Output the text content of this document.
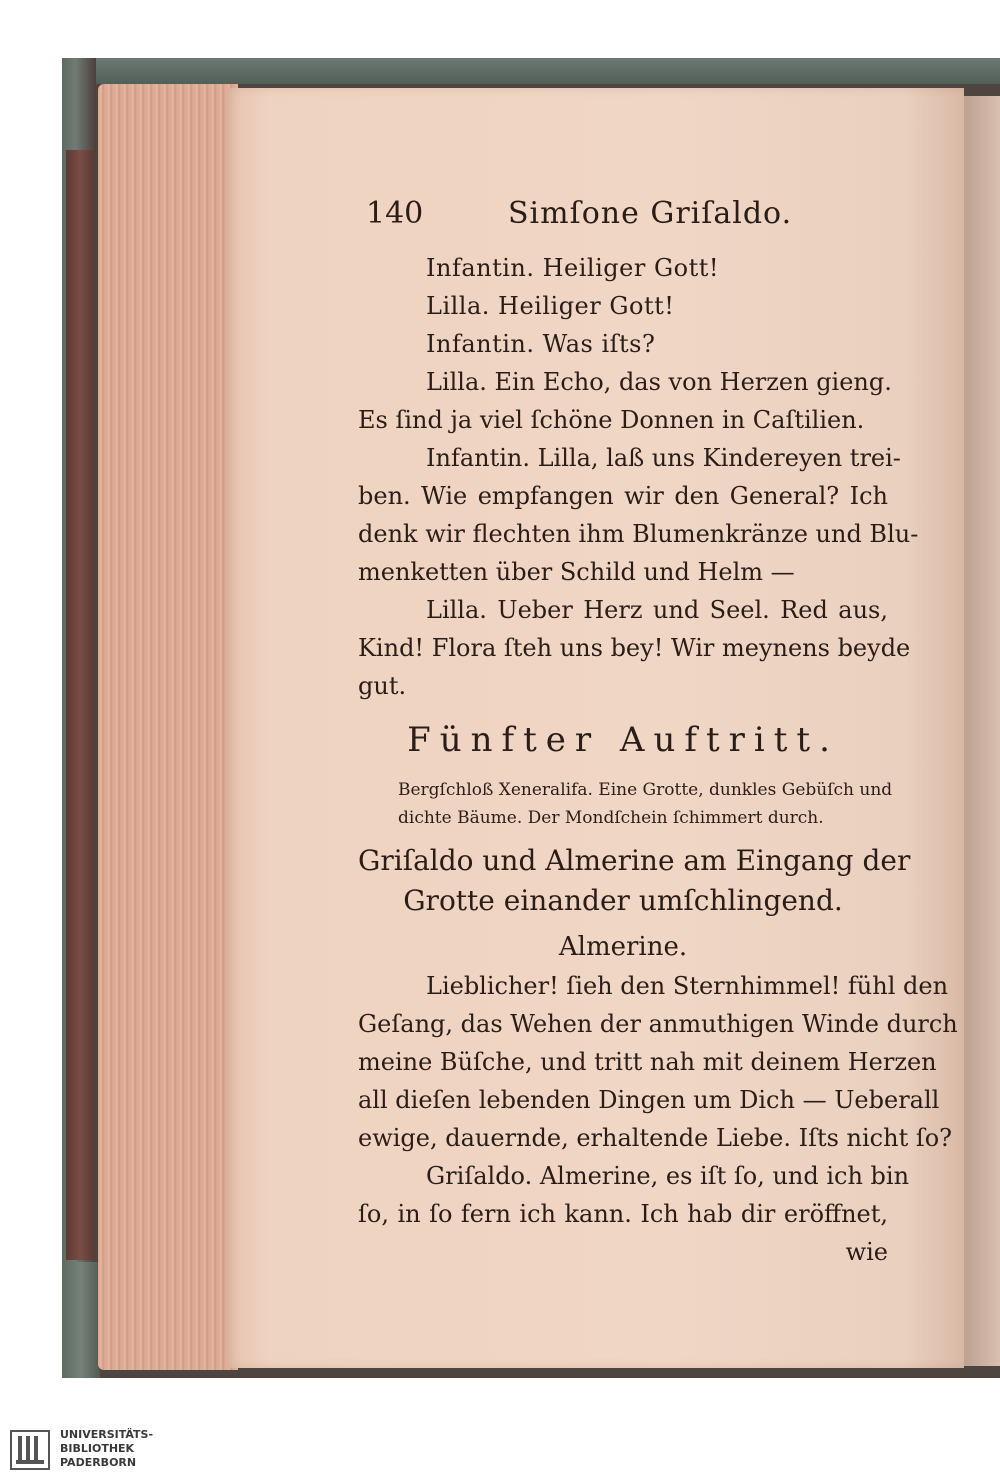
140	Simſone Griſaldo.
Infantin. Heiliger Gott!
Lilla. Heiliger Gott!
Infantin. Was iſts?
Lilla. Ein Echo, das von Herzen gieng.
Es ſind ja viel ſchöne Donnen in Caſtilien.
Infantin. Lilla, laß uns Kindereyen trei-
ben. Wie empfangen wir den General? Ich
denk wir flechten ihm Blumenkränze und Blu-
menketten über Schild und Helm —
Lilla. Ueber Herz und Seel. Red aus,
Kind! Flora ſteh uns bey! Wir meynens beyde
gut.
Fünfter Auftritt.
Bergſchloß Xeneralifa. Eine Grotte, dunkles Gebüſch und
dichte Bäume. Der Mondſchein ſchimmert durch.
Griſaldo und Almerine am Eingang der
Grotte einander umſchlingend.
Almerine.
Lieblicher! ſieh den Sternhimmel! fühl den
Geſang, das Wehen der anmuthigen Winde durch
meine Büſche, und tritt nah mit deinem Herzen
all dieſen lebenden Dingen um Dich — Ueberall
ewige, dauernde, erhaltende Liebe. Iſts nicht ſo?
Griſaldo. Almerine, es iſt ſo, und ich bin
ſo, in ſo fern ich kann. Ich hab dir eröffnet,
wie
UNIVERSITÄTS-
BIBLIOTHEK
PADERBORN
